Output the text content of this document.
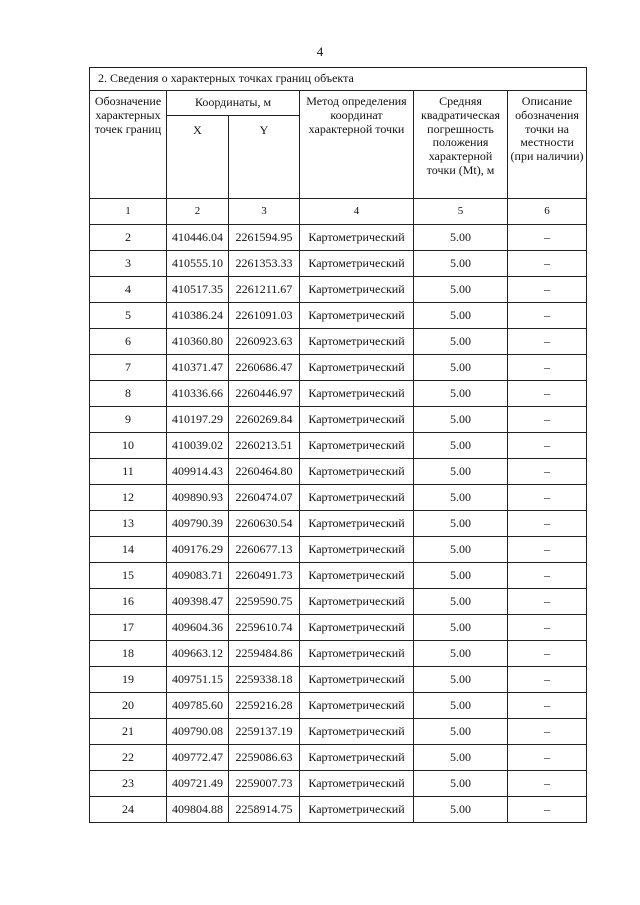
4
2. Сведения о характерных точках границ объекта					
Обозначение характерных точек границ	Координаты, м		Метод определения координат характерной точки	Средняя квадратическая погрешность положения характерной точки (Mt), м	Описание обозначения точки на местности (при наличии)
	X	Y			
1	2	3	4	5	6
2	410446.04	2261594.95	Картометрический	5.00	–
3	410555.10	2261353.33	Картометрический	5.00	–
4	410517.35	2261211.67	Картометрический	5.00	–
5	410386.24	2261091.03	Картометрический	5.00	–
6	410360.80	2260923.63	Картометрический	5.00	–
7	410371.47	2260686.47	Картометрический	5.00	–
8	410336.66	2260446.97	Картометрический	5.00	–
9	410197.29	2260269.84	Картометрический	5.00	–
10	410039.02	2260213.51	Картометрический	5.00	–
11	409914.43	2260464.80	Картометрический	5.00	–
12	409890.93	2260474.07	Картометрический	5.00	–
13	409790.39	2260630.54	Картометрический	5.00	–
14	409176.29	2260677.13	Картометрический	5.00	–
15	409083.71	2260491.73	Картометрический	5.00	–
16	409398.47	2259590.75	Картометрический	5.00	–
17	409604.36	2259610.74	Картометрический	5.00	–
18	409663.12	2259484.86	Картометрический	5.00	–
19	409751.15	2259338.18	Картометрический	5.00	–
20	409785.60	2259216.28	Картометрический	5.00	–
21	409790.08	2259137.19	Картометрический	5.00	–
22	409772.47	2259086.63	Картометрический	5.00	–
23	409721.49	2259007.73	Картометрический	5.00	–
24	409804.88	2258914.75	Картометрический	5.00	–
